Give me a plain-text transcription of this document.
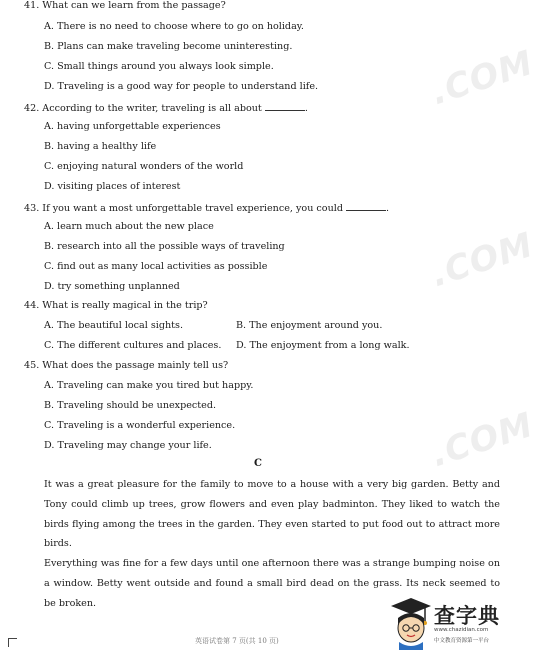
.COM
.COM
.COM
41. What can we learn from the passage?
A. There is no need to choose where to go on holiday.
B. Plans can make traveling become uninteresting.
C. Small things around you always look simple.
D. Traveling is a good way for people to understand life.
42. According to the writer, traveling is all about	.
A. having unforgettable experiences
B. having a healthy life
C. enjoying natural wonders of the world
D. visiting places of interest
43. If you want a most unforgettable travel experience, you could	.
A. learn much about the new place
B. research into all the possible ways of traveling
C. find out as many local activities as possible
D. try something unplanned
44. What is really magical in the trip?
A. The beautiful local sights.	B. The enjoyment around you.
C. The different cultures and places. D. The enjoyment from a long walk.
45. What does the passage mainly tell us?
A. Traveling can make you tired but happy.
B. Traveling should be unexpected.
C. Traveling is a wonderful experience.
D. Traveling may change your life.
C
It was a great pleasure for the family to move to a house with a very big garden. Betty and Tony could climb up trees, grow flowers and even play badminton. They liked to watch the birds flying among the trees in the garden. They even started to put food out to attract more birds.
Everything was fine for a few days until one afternoon there was a strange bumping noise on a window. Betty went outside and found a small bird dead on the grass. Its neck seemed to be broken.
英语试卷第 7 页(共 10 页)
查字典
www.chazidian.com
中文教育资源第一平台
